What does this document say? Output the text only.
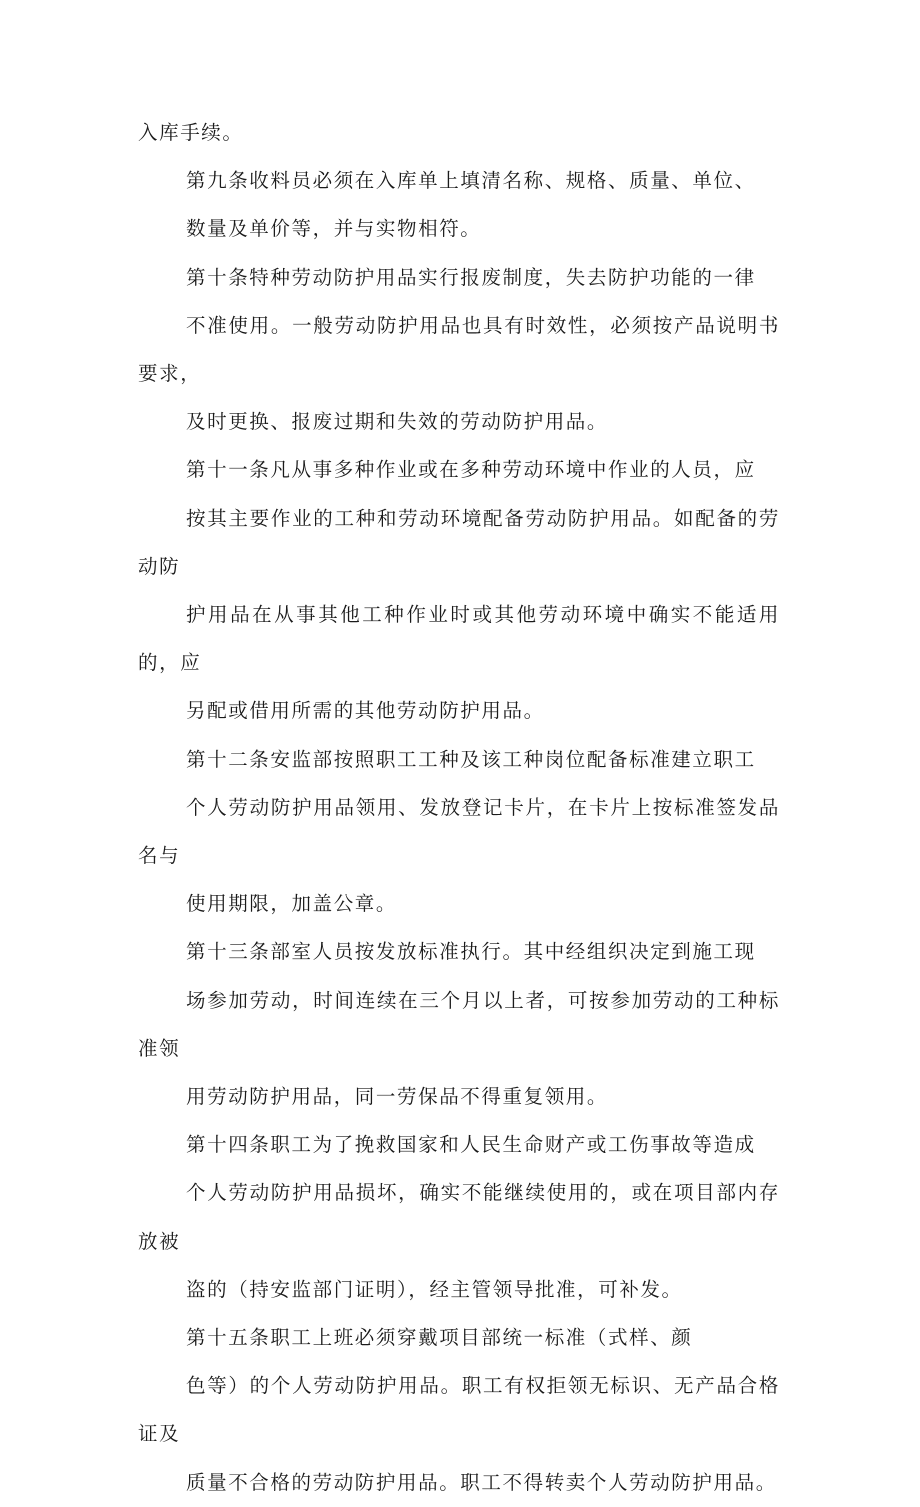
入库手续。

第九条收料员必须在入库单上填清名称、规格、质量、单位、
数量及单价等，并与实物相符。

第十条特种劳动防护用品实行报废制度，失去防护功能的一律
不准使用。一般劳动防护用品也具有时效性，必须按产品说明书要求，
及时更换、报废过期和失效的劳动防护用品。

第十一条凡从事多种作业或在多种劳动环境中作业的人员，应
按其主要作业的工种和劳动环境配备劳动防护用品。如配备的劳动防
护用品在从事其他工种作业时或其他劳动环境中确实不能适用的，应
另配或借用所需的其他劳动防护用品。

第十二条安监部按照职工工种及该工种岗位配备标准建立职工
个人劳动防护用品领用、发放登记卡片，在卡片上按标准签发品名与
使用期限，加盖公章。

第十三条部室人员按发放标准执行。其中经组织决定到施工现
场参加劳动，时间连续在三个月以上者，可按参加劳动的工种标准领
用劳动防护用品，同一劳保品不得重复领用。

第十四条职工为了挽救国家和人民生命财产或工伤事故等造成
个人劳动防护用品损坏，确实不能继续使用的，或在项目部内存放被
盗的（持安监部门证明），经主管领导批准，可补发。

第十五条职工上班必须穿戴项目部统一标准（式样、颜
色等）的个人劳动防护用品。职工有权拒领无标识、无产品合格证及
质量不合格的劳动防护用品。职工不得转卖个人劳动防护用品。
